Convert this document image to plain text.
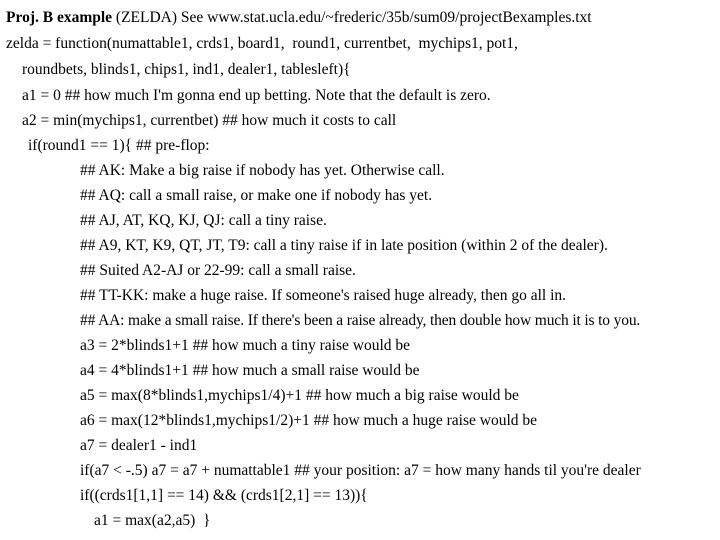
Proj. B example (ZELDA) See www.stat.ucla.edu/~frederic/35b/sum09/projectBexamples.txt
zelda = function(numattable1, crds1, board1,  round1, currentbet,  mychips1, pot1,
roundbets, blinds1, chips1, ind1, dealer1, tablesleft){
a1 = 0 ## how much I'm gonna end up betting. Note that the default is zero.
a2 = min(mychips1, currentbet) ## how much it costs to call
if(round1 == 1){ ## pre-flop:
## AK: Make a big raise if nobody has yet. Otherwise call.
## AQ: call a small raise, or make one if nobody has yet.
## AJ, AT, KQ, KJ, QJ: call a tiny raise.
## A9, KT, K9, QT, JT, T9: call a tiny raise if in late position (within 2 of the dealer).
## Suited A2-AJ or 22-99: call a small raise.
## TT-KK: make a huge raise. If someone's raised huge already, then go all in.
## AA: make a small raise. If there's been a raise already, then double how much it is to you.
a3 = 2*blinds1+1 ## how much a tiny raise would be
a4 = 4*blinds1+1 ## how much a small raise would be
a5 = max(8*blinds1,mychips1/4)+1 ## how much a big raise would be
a6 = max(12*blinds1,mychips1/2)+1 ## how much a huge raise would be
a7 = dealer1 - ind1
if(a7 < -.5) a7 = a7 + numattable1 ## your position: a7 = how many hands til you're dealer
if((crds1[1,1] == 14) && (crds1[2,1] == 13)){
a1 = max(a2,a5)  }
